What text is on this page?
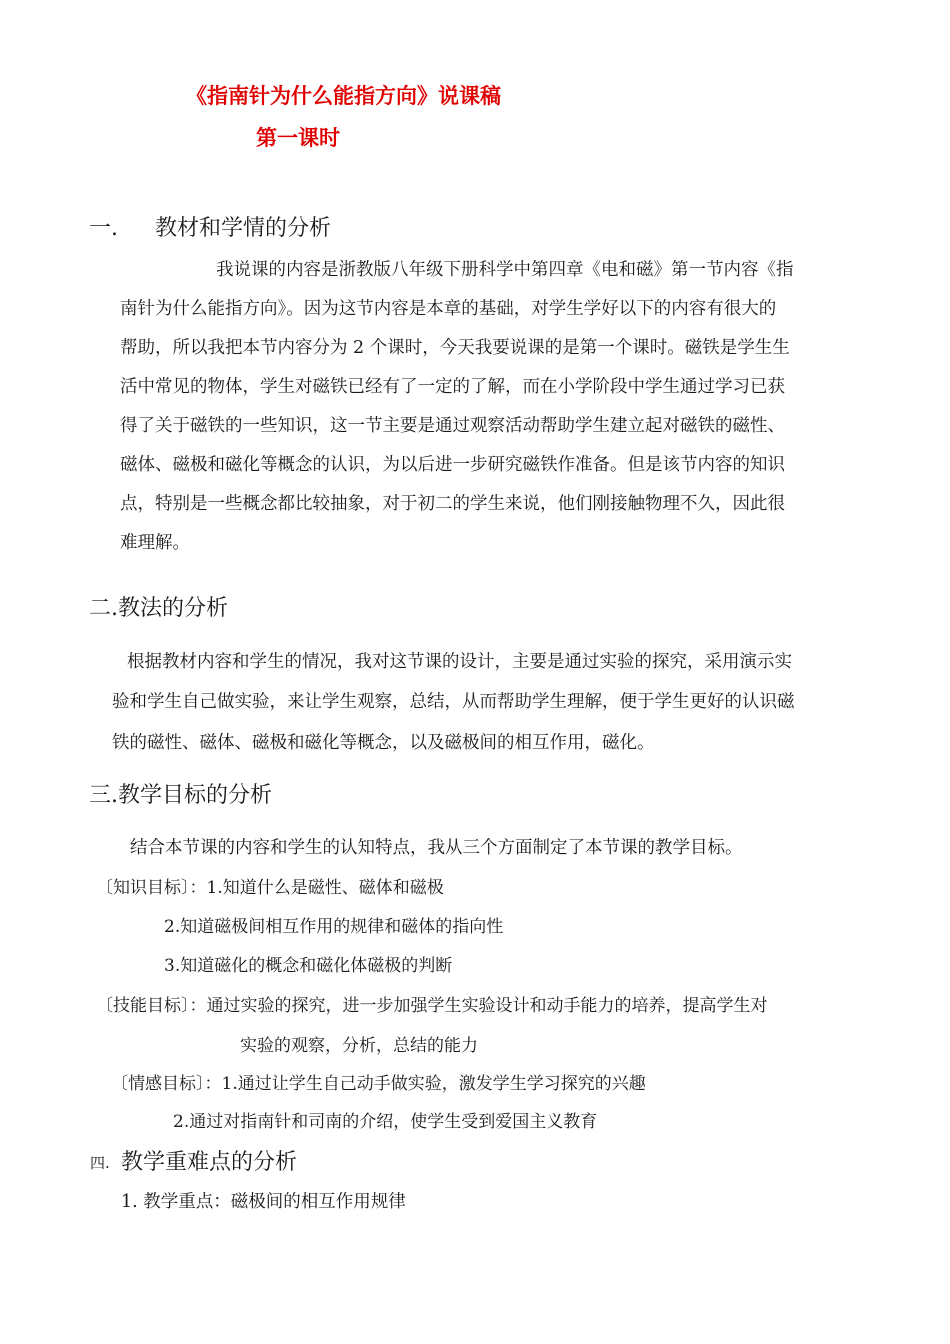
《指南针为什么能指方向》说课稿
第一课时
一. 教材和学情的分析
我说课的内容是浙教版八年级下册科学中第四章《电和磁》第一节内容《指
南针为什么能指方向》。因为这节内容是本章的基础，对学生学好以下的内容有很大的
帮助，所以我把本节内容分为 2 个课时，今天我要说课的是第一个课时。磁铁是学生生
活中常见的物体，学生对磁铁已经有了一定的了解，而在小学阶段中学生通过学习已获
得了关于磁铁的一些知识，这一节主要是通过观察活动帮助学生建立起对磁铁的磁性、
磁体、磁极和磁化等概念的认识，为以后进一步研究磁铁作准备。但是该节内容的知识
点，特别是一些概念都比较抽象，对于初二的学生来说，他们刚接触物理不久，因此很
难理解。
二.教法的分析
根据教材内容和学生的情况，我对这节课的设计，主要是通过实验的探究，采用演示实
验和学生自己做实验，来让学生观察，总结，从而帮助学生理解，便于学生更好的认识磁
铁的磁性、磁体、磁极和磁化等概念，以及磁极间的相互作用，磁化。
三.教学目标的分析
结合本节课的内容和学生的认知特点，我从三个方面制定了本节课的教学目标。
〔知识目标〕：1.知道什么是磁性、磁体和磁极
2.知道磁极间相互作用的规律和磁体的指向性
3.知道磁化的概念和磁化体磁极的判断
〔技能目标〕：通过实验的探究，进一步加强学生实验设计和动手能力的培养，提高学生对
实验的观察，分析，总结的能力
〔情感目标〕：1.通过让学生自己动手做实验，激发学生学习探究的兴趣
2.通过对指南针和司南的介绍，使学生受到爱国主义教育
四. 教学重难点的分析
1. 教学重点：磁极间的相互作用规律
